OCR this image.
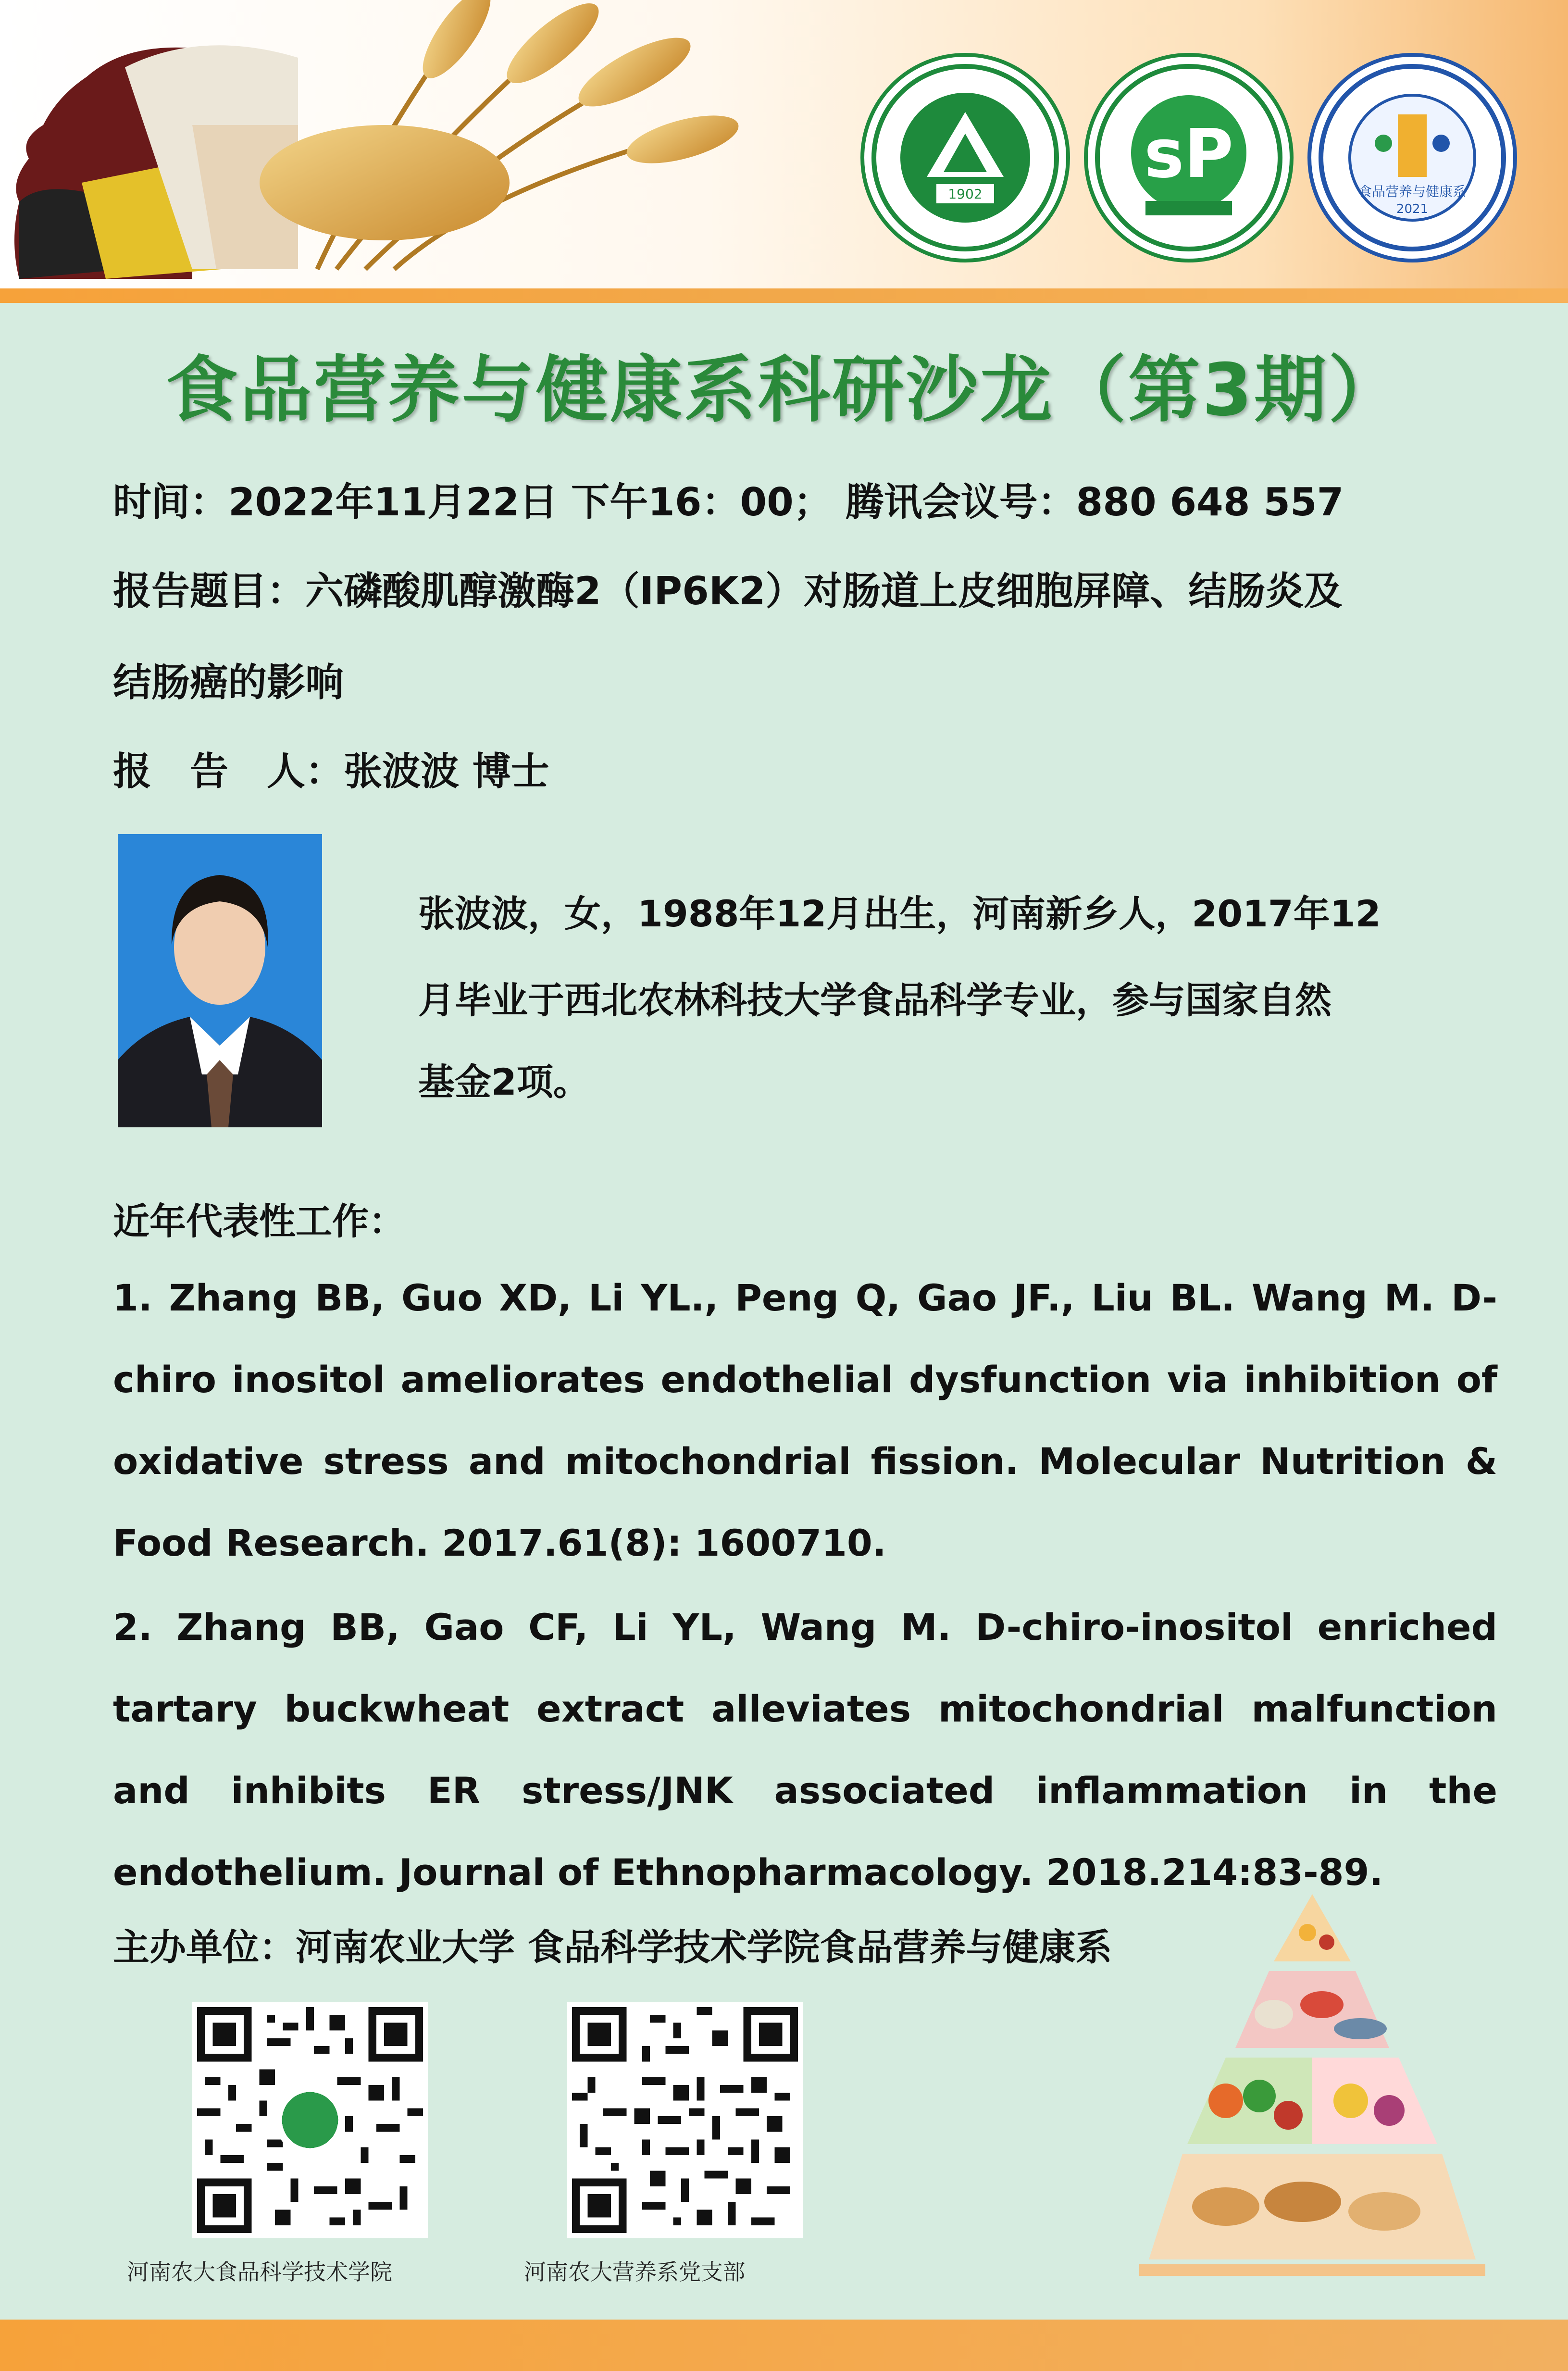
1902
sP	食品营养与健康系
2021
食品营养与健康系科研沙龙（第3期）
时间：2022年11月22日 下午16：00； 腾讯会议号：880 648 557
报告题目：六磷酸肌醇激酶2（IP6K2）对肠道上皮细胞屏障、结肠炎及
结肠癌的影响
报　告　人：张波波 博士
张波波，女，1988年12月出生，河南新乡人，2017年12
月毕业于西北农林科技大学食品科学专业，参与国家自然
基金2项。
近年代表性工作：
1. Zhang BB, Guo XD, Li YL., Peng Q, Gao JF., Liu BL. Wang M. D-chiro inositol ameliorates endothelial dysfunction via inhibition of oxidative stress and mitochondrial fission. Molecular Nutrition & Food Research. 2017.61(8): 1600710.
2. Zhang BB, Gao CF, Li YL, Wang M. D-chiro-inositol enriched tartary buckwheat extract alleviates mitochondrial malfunction and inhibits ER stress/JNK associated inflammation in the endothelium. Journal of Ethnopharmacology. 2018.214:83-89.
主办单位：河南农业大学 食品科学技术学院食品营养与健康系
河南农大食品科学技术学院	河南农大营养系党支部
